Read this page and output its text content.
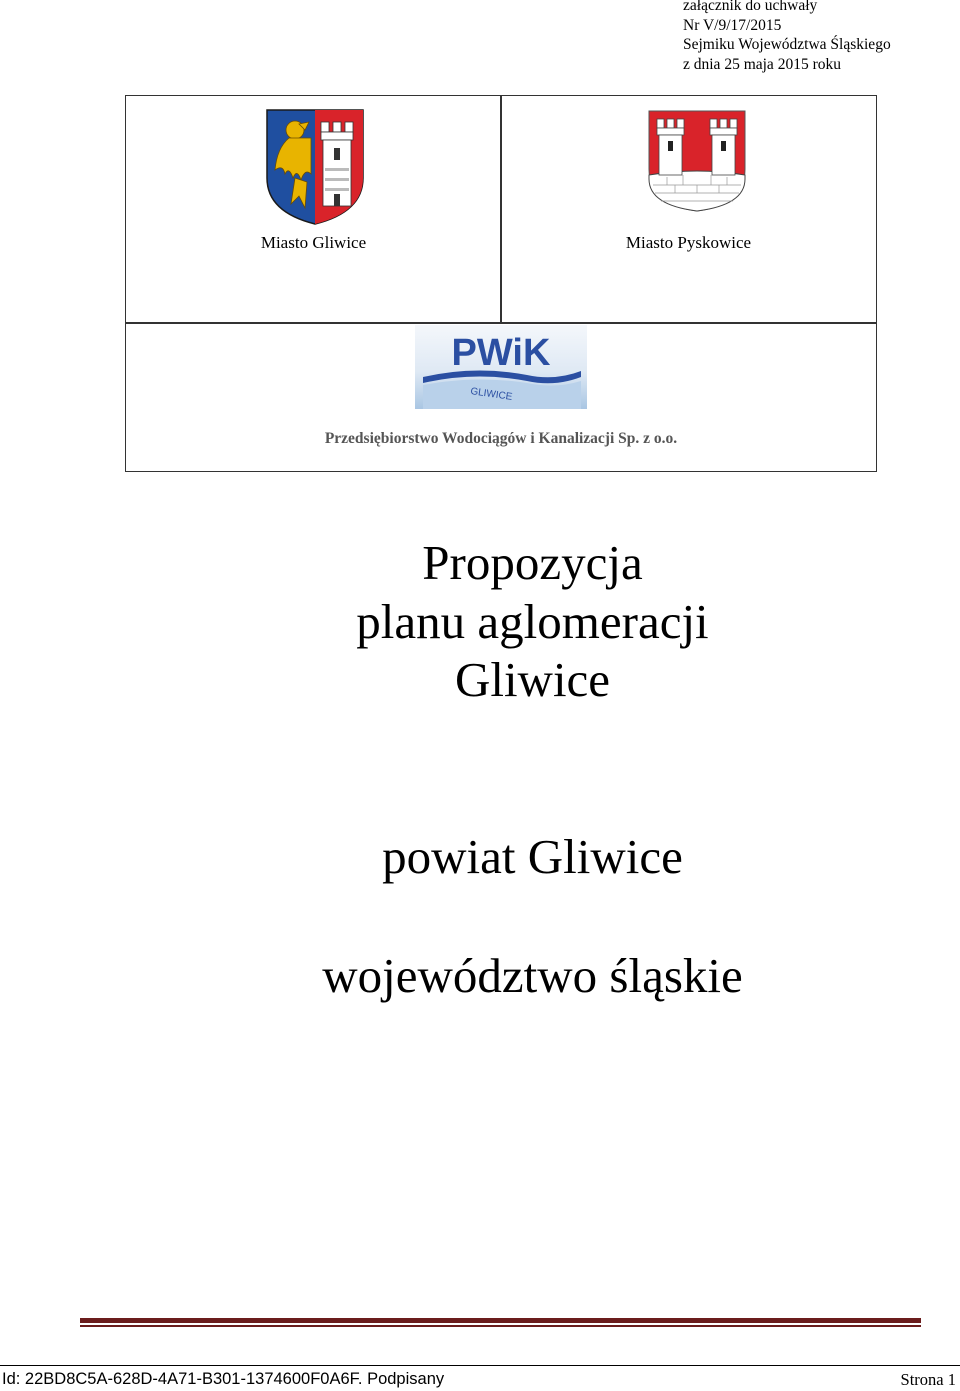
załącznik do uchwały
Nr V/9/17/2015
Sejmiku Województwa Śląskiego
z dnia 25 maja 2015 roku
Miasto Gliwice	Miasto Pyskowice
PWiK
GLIWICE
Przedsiębiorstwo Wodociągów i Kanalizacji Sp. z o.o.
Propozycja
planu aglomeracji
Gliwice
powiat Gliwice
województwo śląskie
Id: 22BD8C5A-628D-4A71-B301-1374600F0A6F. Podpisany	Strona 1
